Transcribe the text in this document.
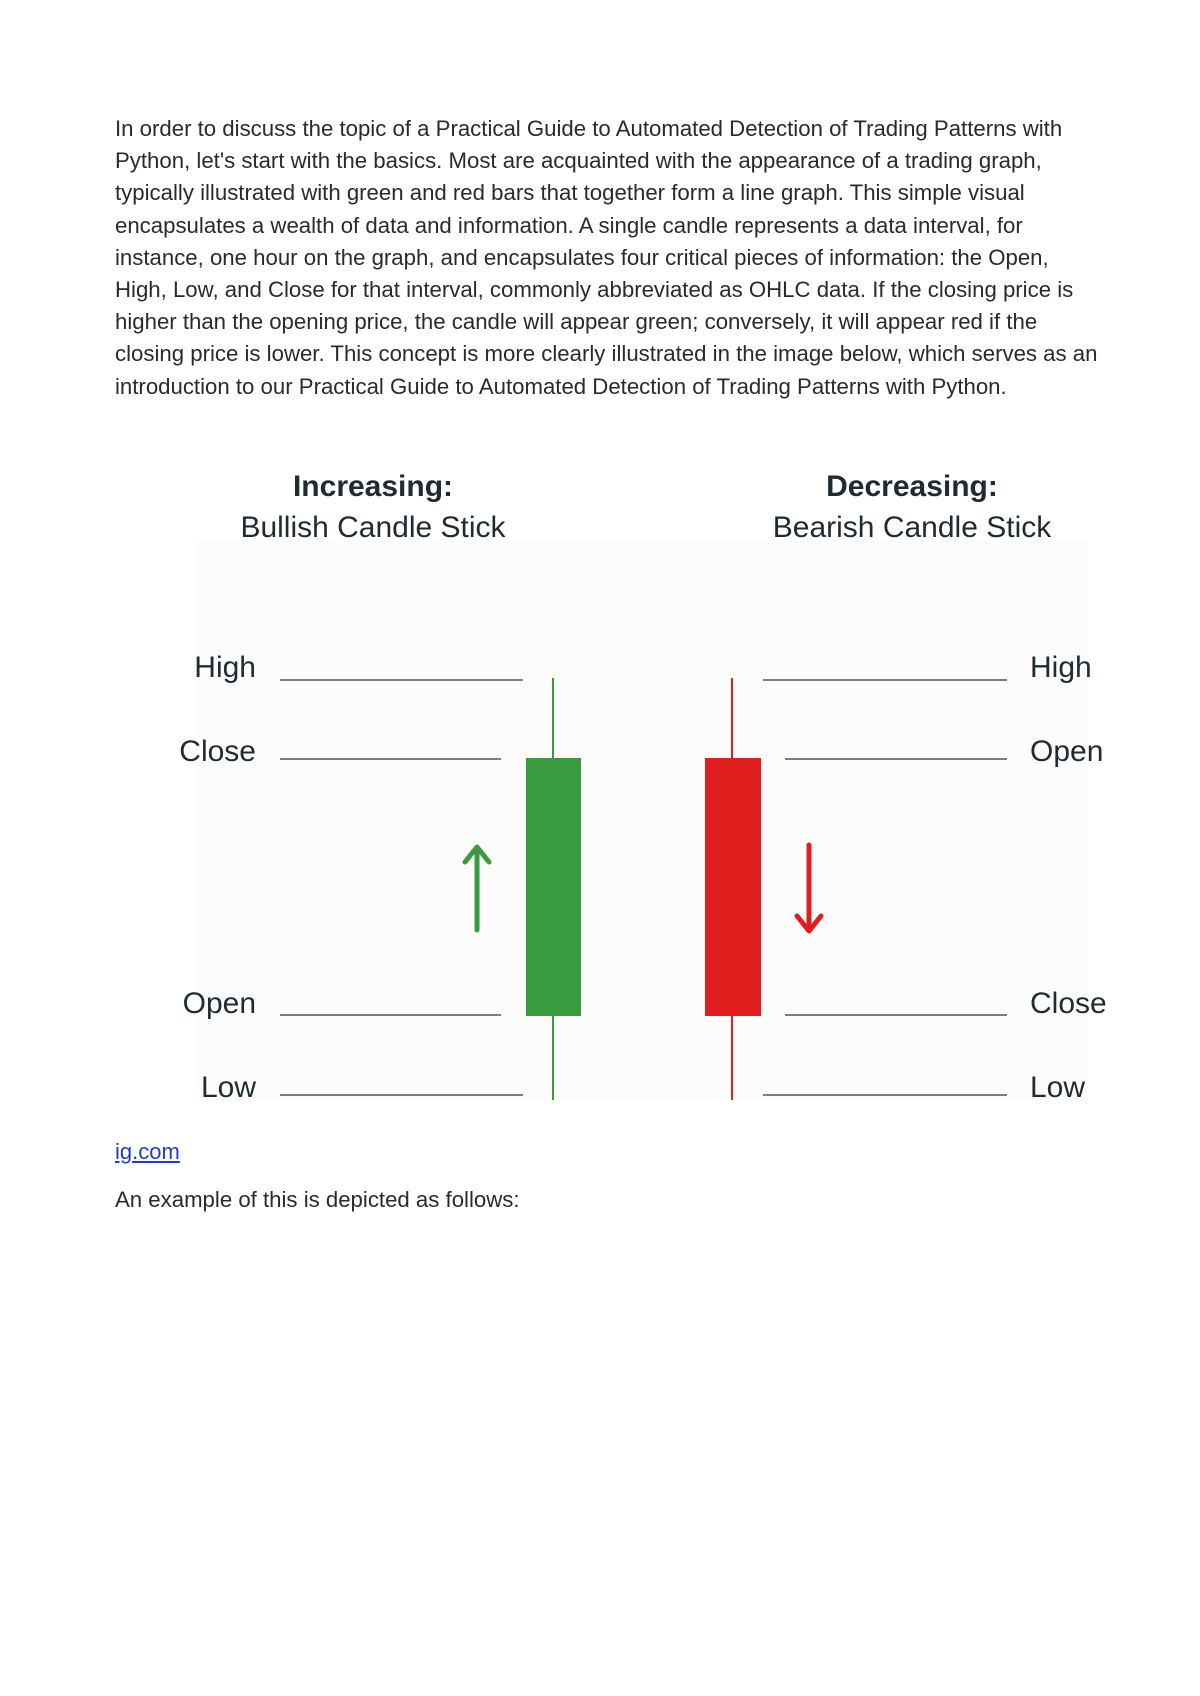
In order to discuss the topic of a Practical Guide to Automated Detection of Trading Patterns with Python, let's start with the basics. Most are acquainted with the appearance of a trading graph, typically illustrated with green and red bars that together form a line graph. This simple visual encapsulates a wealth of data and information. A single candle represents a data interval, for instance, one hour on the graph, and encapsulates four critical pieces of information: the Open, High, Low, and Close for that interval, commonly abbreviated as OHLC data. If the closing price is higher than the opening price, the candle will appear green; conversely, it will appear red if the closing price is lower. This concept is more clearly illustrated in the image below, which serves as an introduction to our Practical Guide to Automated Detection of Trading Patterns with Python.

Increasing:
Bullish Candle Stick
Decreasing:
Bearish Candle Stick
High
Close
Open
Low
High
Open
Close
Low
ig.com

An example of this is depicted as follows:
